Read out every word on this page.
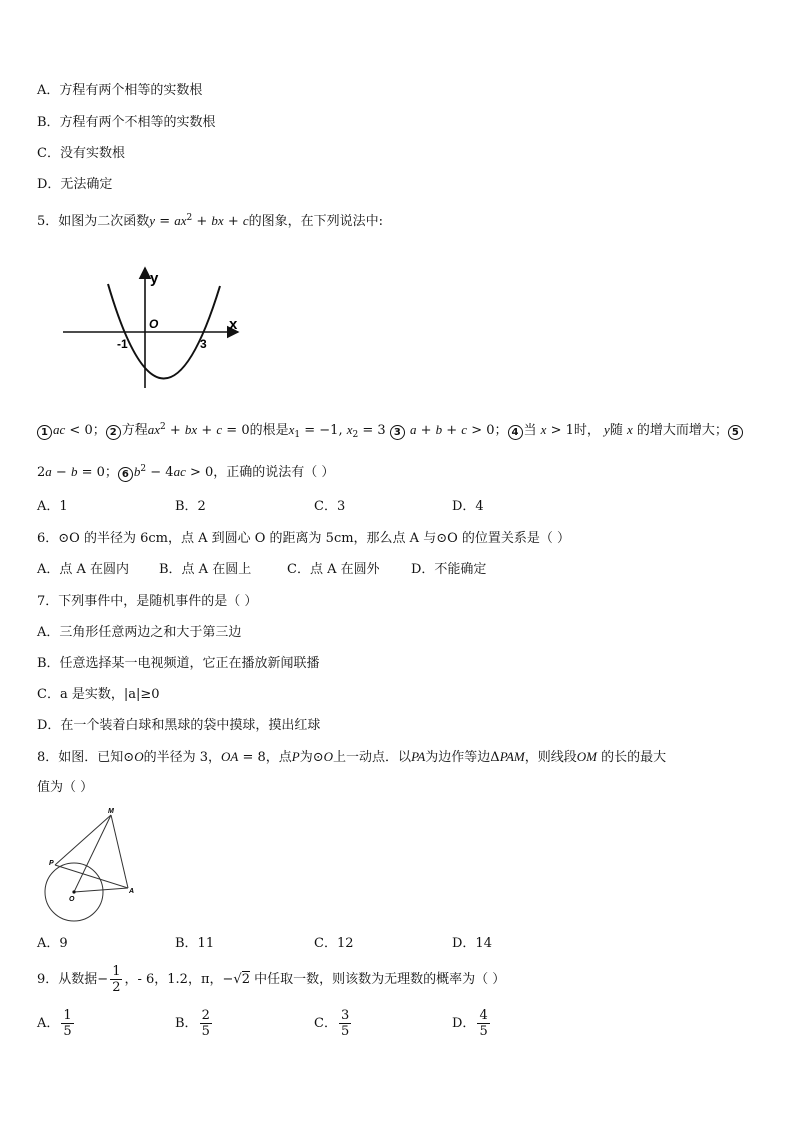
A．方程有两个相等的实数根
B．方程有两个不相等的实数根
C．没有实数根
D．无法确定
5．如图为二次函数$y = ax^2$ + bx + c的图象，在下列说法中:
y
x
O
-1	3
1 ac < 0； 2 方程$ax^2$ + bx + c = 0的根是$x_1 = -1$, $x_2 = 3$ 3 a + b + c > 0； 4 当 x > 1时， y随 x 的增大而增大； 5
2a − b = 0； 6 $b^2 - 4ac > 0$，正确的说法有（ ）
A．1	B．2	C．3	D．4
6．⊙O 的半径为 6cm，点 A 到圆心 O 的距离为 5cm，那么点 A 与⊙O 的位置关系是（ ）
A．点 A 在圆内 B．点 A 在圆上	C．点 A 在圆外 D．不能确定
7．下列事件中，是随机事件的是（ ）
A．三角形任意两边之和大于第三边
B．任意选择某一电视频道，它正在播放新闻联播
C．a 是实数，|a|≥0
D．在一个装着白球和黑球的袋中摸球，摸出红球
8．如图．已知⊙O的半径为 3，OA = 8，点P为⊙O上一动点．以PA为边作等边ΔPAM，则线段OM 的长的最大
值为（ ）
M
P
O
A
A．9	B．11	C．12	D．14
9．从数据− $\frac{1}{2}$ ，- 6，1.2，π，−√2 中任取一数，则该数为无理数的概率为（ ）
A． $\frac{1}{5}$	B． $\frac{2}{5}$	C． $\frac{3}{5}$	D． $\frac{4}{5}$
